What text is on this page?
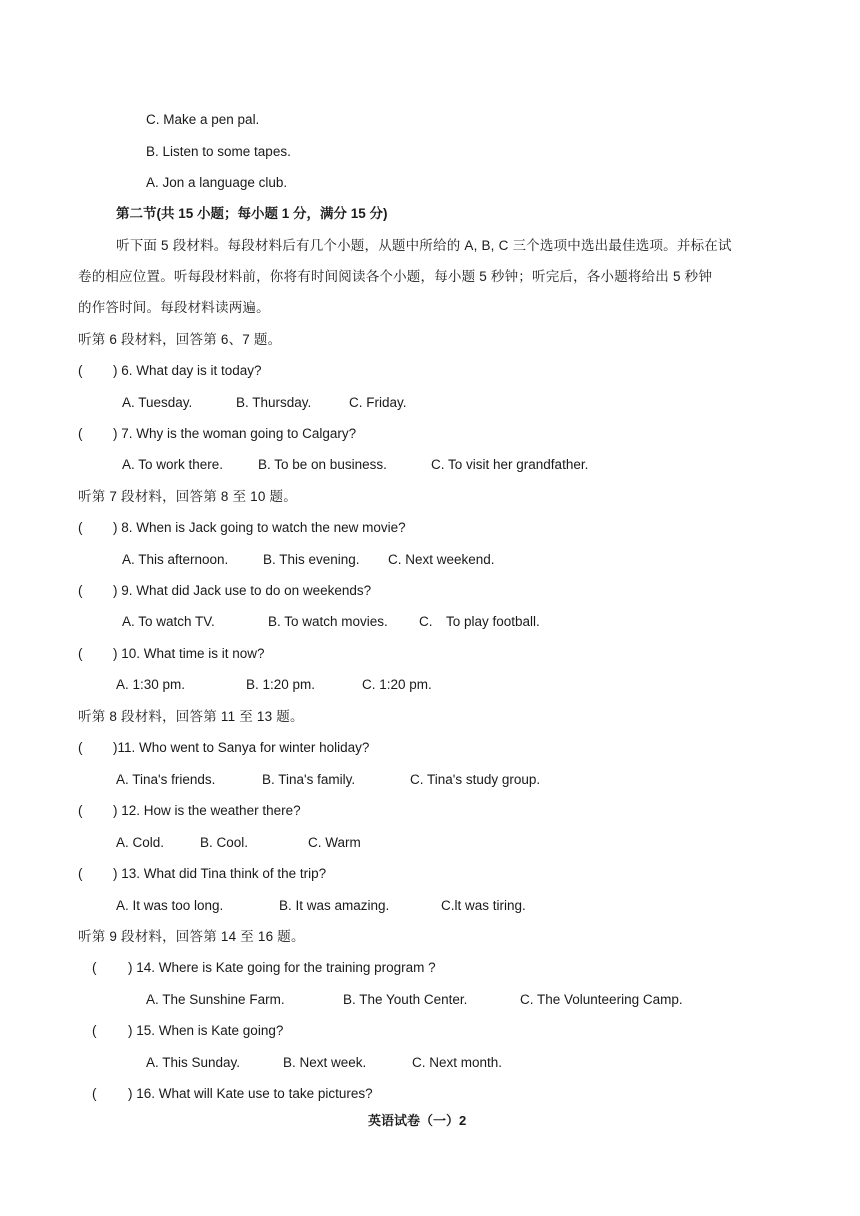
C. Make a pen pal.
B. Listen to some tapes.
A. Jon a language club.
第二节(共 15 小题；每小题 1 分，满分 15 分)
听下面 5 段材料。每段材料后有几个小题，从题中所给的 A, B, C 三个选项中选出最佳选项。并标在试
卷的相应位置。听每段材料前，你将有时间阅读各个小题，每小题 5 秒钟；听完后，各小题将给出 5 秒钟
的作答时间。每段材料读两遍。
听第 6 段材料，回答第 6、7 题。
( ) 6. What day is it today?
A. Tuesday.	B. Thursday.	C. Friday.
( ) 7. Why is the woman going to Calgary?
A. To work there.	B. To be on business.	C. To visit her grandfather.
听第 7 段材料，回答第 8 至 10 题。
( ) 8. When is Jack going to watch the new movie?
A. This afternoon.	B. This evening. C. Next weekend.
( ) 9. What did Jack use to do on weekends?
A. To watch TV.	B. To watch movies. C. To play football.
( ) 10. What time is it now?
A. 1:30 pm.	B. 1:20 pm.	C. 1:20 pm.
听第 8 段材料，回答第 11 至 13 题。
( )11. Who went to Sanya for winter holiday?
A. Tina's friends.	B. Tina's family.	C. Tina's study group.
( ) 12. How is the weather there?
A. Cold.	B. Cool.	C. Warm
( ) 13. What did Tina think of the trip?
A. It was too long.	B. It was amazing.	C.lt was tiring.
听第 9 段材料，回答第 14 至 16 题。
( ) 14. Where is Kate going for the training program ?
A. The Sunshine Farm.	B. The Youth Center.	C. The Volunteering Camp.
( ) 15. When is Kate going?
A. This Sunday.	B. Next week.	C. Next month.
( ) 16. What will Kate use to take pictures?
英语试卷（一）2
